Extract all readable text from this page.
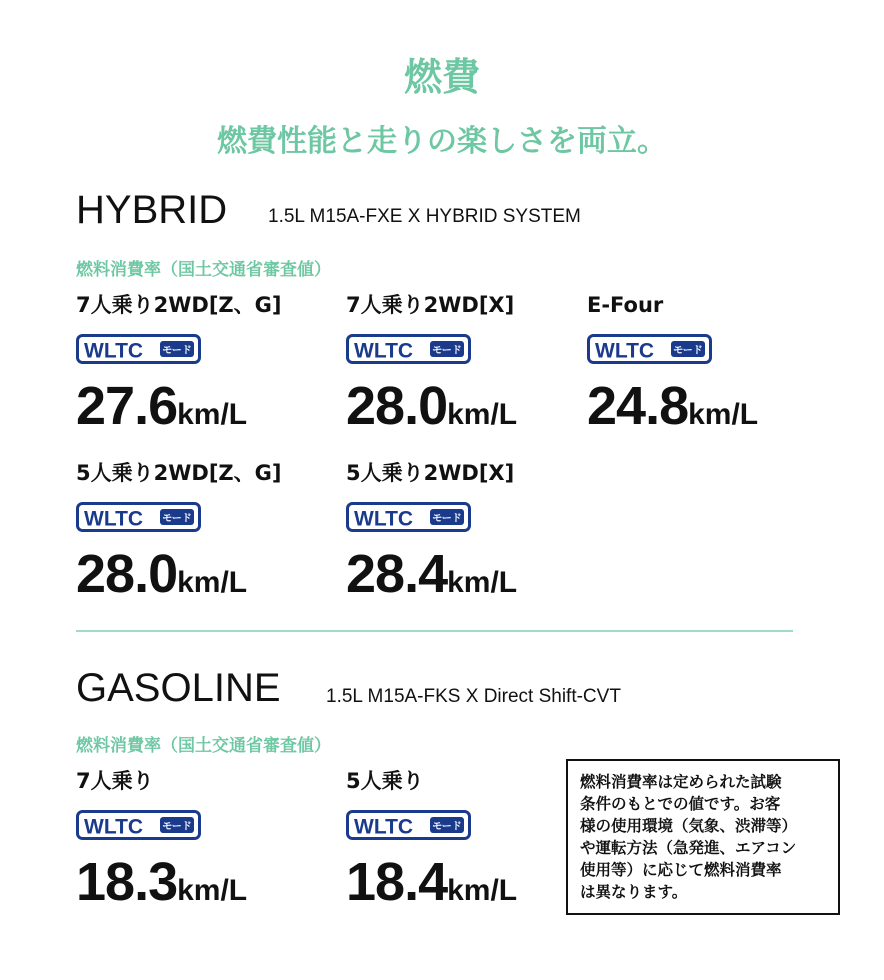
燃費
燃費性能と走りの楽しさを両立。
HYBRID 1.5L M15A-FXE X HYBRID SYSTEM
燃料消費率（国土交通省審査値）
7人乗り2WD[Z、G]
27.6km/L
7人乗り2WD[X]
28.0km/L
E-Four
24.8km/L
5人乗り2WD[Z、G]
28.0km/L
5人乗り2WD[X]
28.4km/L
GASOLINE 1.5L M15A-FKS X Direct Shift-CVT
燃料消費率（国土交通省審査値）
7人乗り
18.3km/L
5人乗り
18.4km/L
燃料消費率は定められた試験
条件のもとでの値です。お客
様の使用環境（気象、渋滞等）
や運転方法（急発進、エアコン
使用等）に応じて燃料消費率
は異なります。
